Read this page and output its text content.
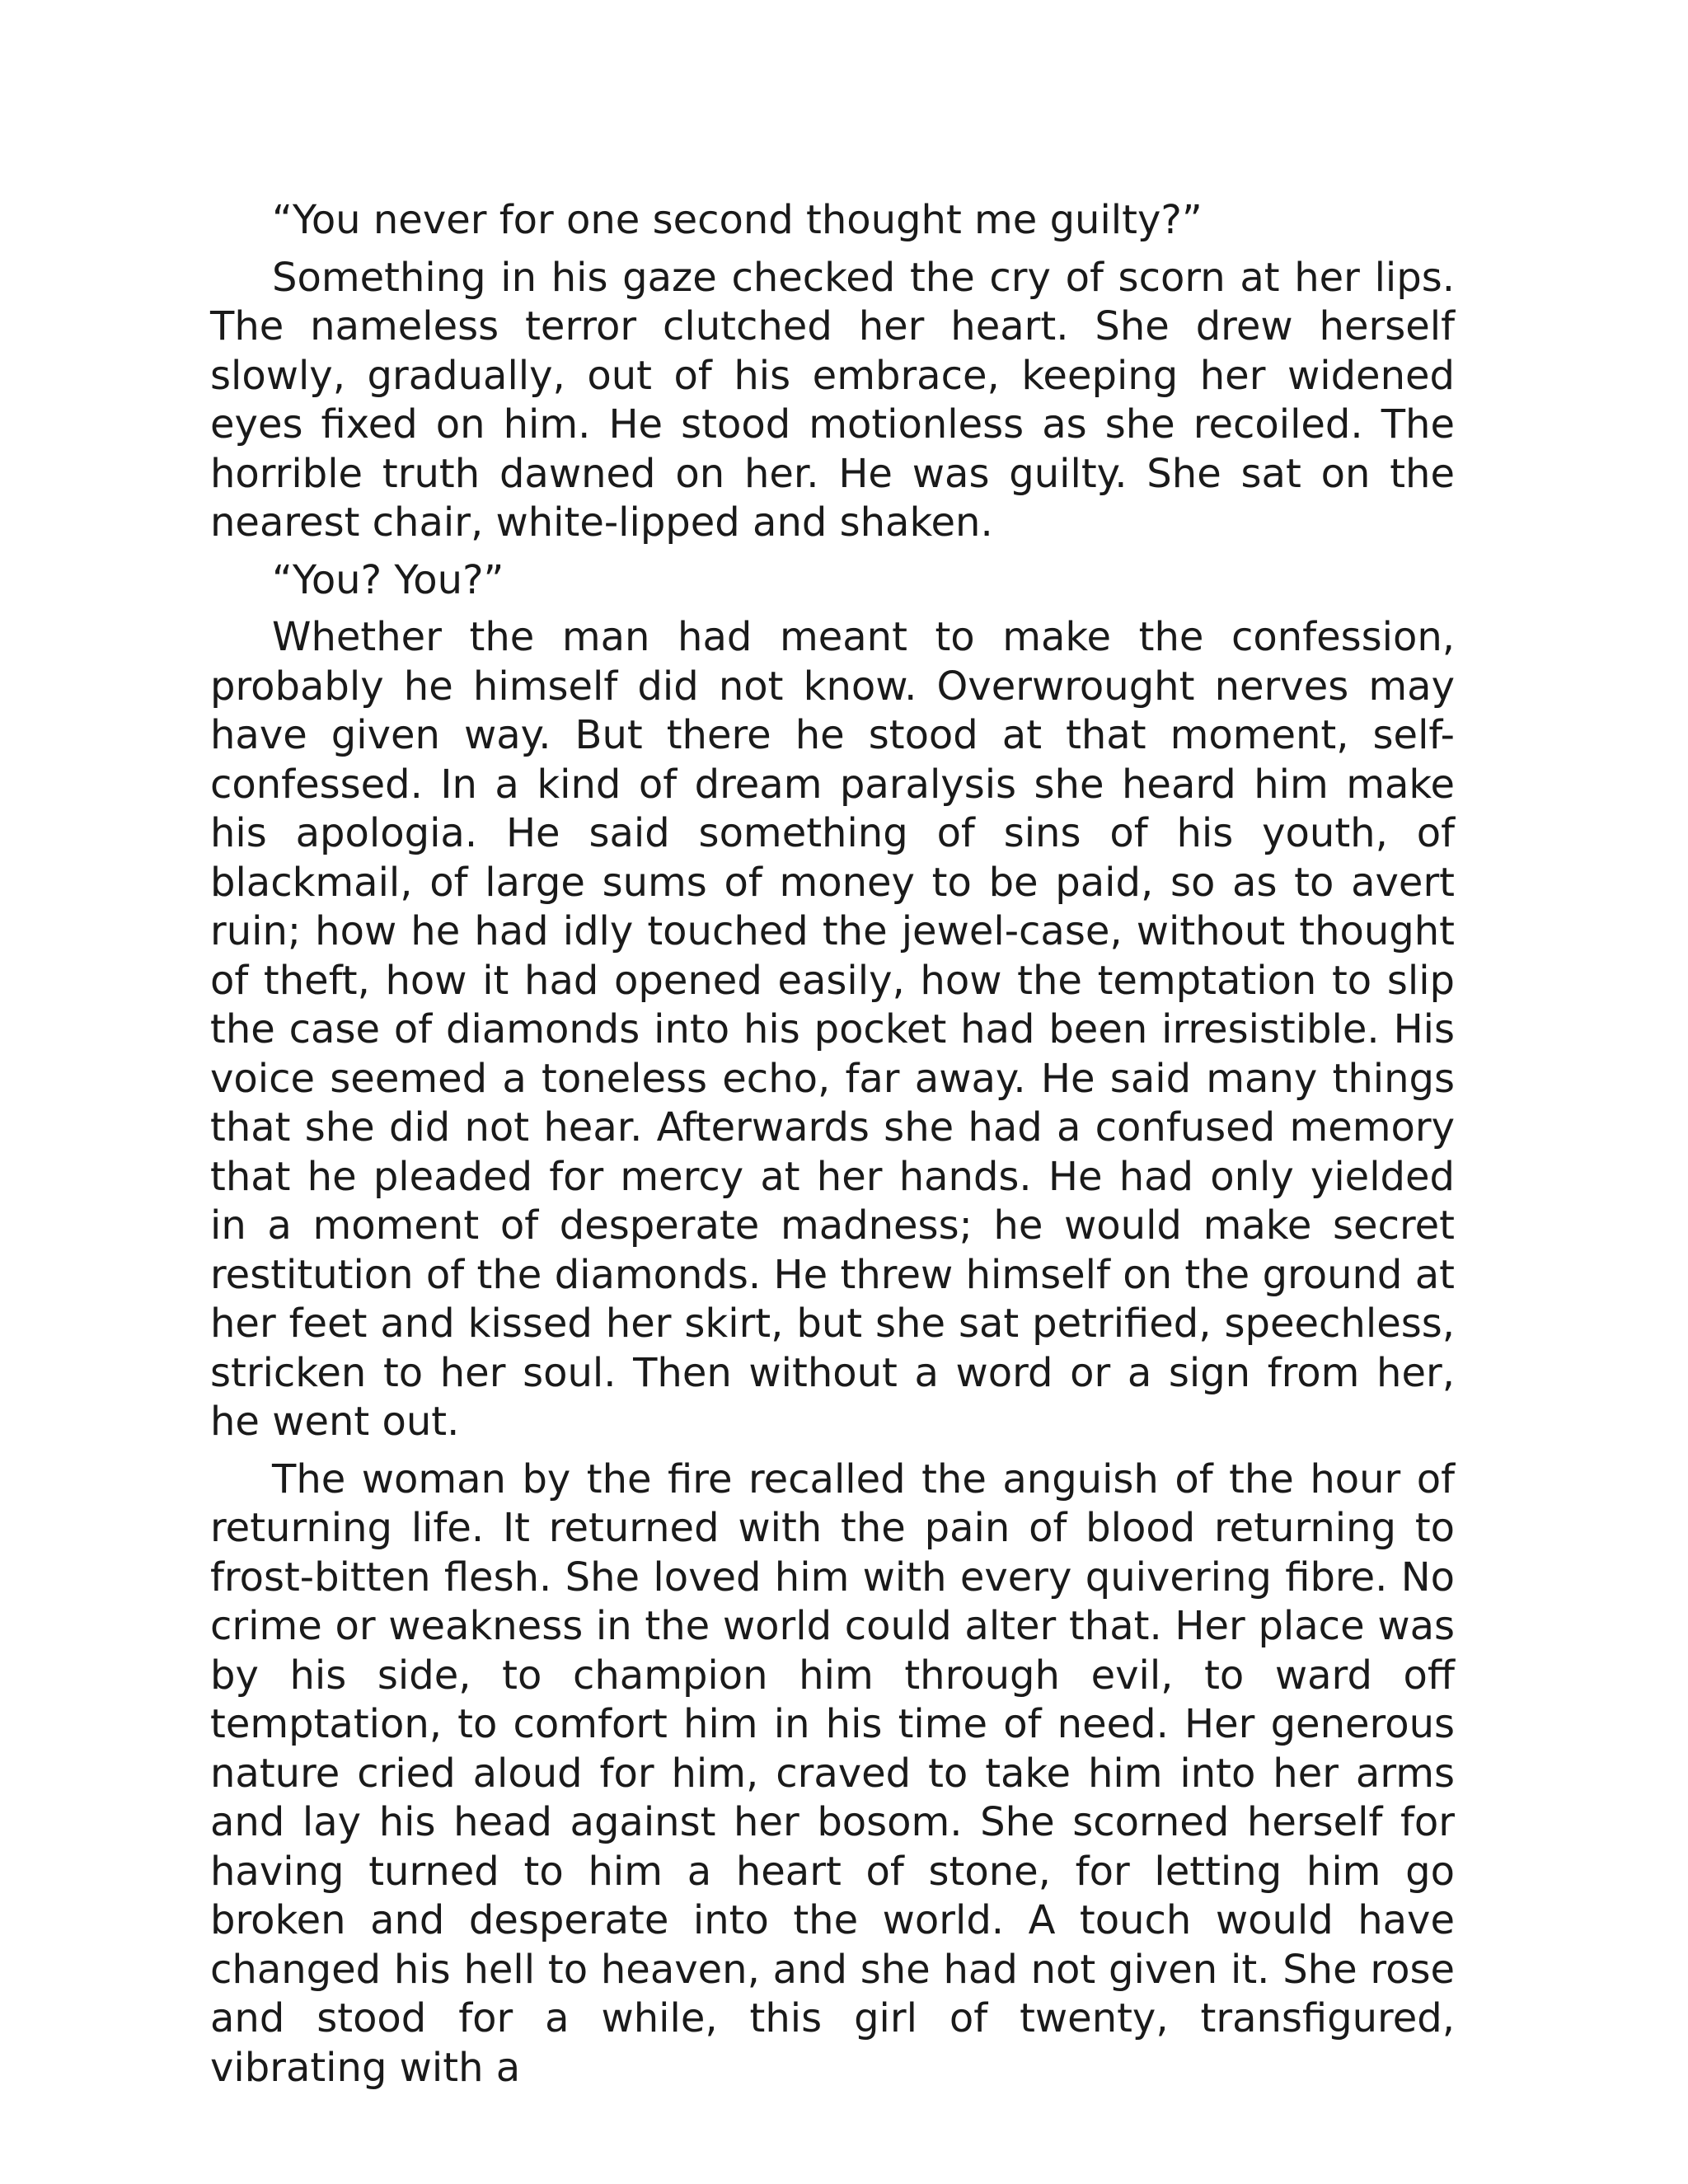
“You never for one second thought me guilty?”

Something in his gaze checked the cry of scorn at her lips. The nameless terror clutched her heart. She drew herself slowly, gradually, out of his embrace, keeping her widened eyes fixed on him. He stood motionless as she recoiled. The horrible truth dawned on her. He was guilty. She sat on the nearest chair, white-lipped and shaken.

“You? You?”

Whether the man had meant to make the confession, probably he himself did not know. Overwrought nerves may have given way. But there he stood at that moment, self-confessed. In a kind of dream paralysis she heard him make his apologia. He said something of sins of his youth, of blackmail, of large sums of money to be paid, so as to avert ruin; how he had idly touched the jewel-case, without thought of theft, how it had opened easily, how the temptation to slip the case of diamonds into his pocket had been irresistible. His voice seemed a toneless echo, far away. He said many things that she did not hear. Afterwards she had a confused memory that he pleaded for mercy at her hands. He had only yielded in a moment of desperate madness; he would make secret restitution of the diamonds. He threw himself on the ground at her feet and kissed her skirt, but she sat petrified, speechless, stricken to her soul. Then without a word or a sign from her, he went out.

The woman by the fire recalled the anguish of the hour of returning life. It returned with the pain of blood returning to frost-bitten flesh. She loved him with every quivering fibre. No crime or weakness in the world could alter that. Her place was by his side, to champion him through evil, to ward off temptation, to comfort him in his time of need. Her generous nature cried aloud for him, craved to take him into her arms and lay his head against her bosom. She scorned herself for having turned to him a heart of stone, for letting him go broken and desperate into the world. A touch would have changed his hell to heaven, and she had not given it. She rose and stood for a while, this girl of twenty, transfigured, vibrating with a
